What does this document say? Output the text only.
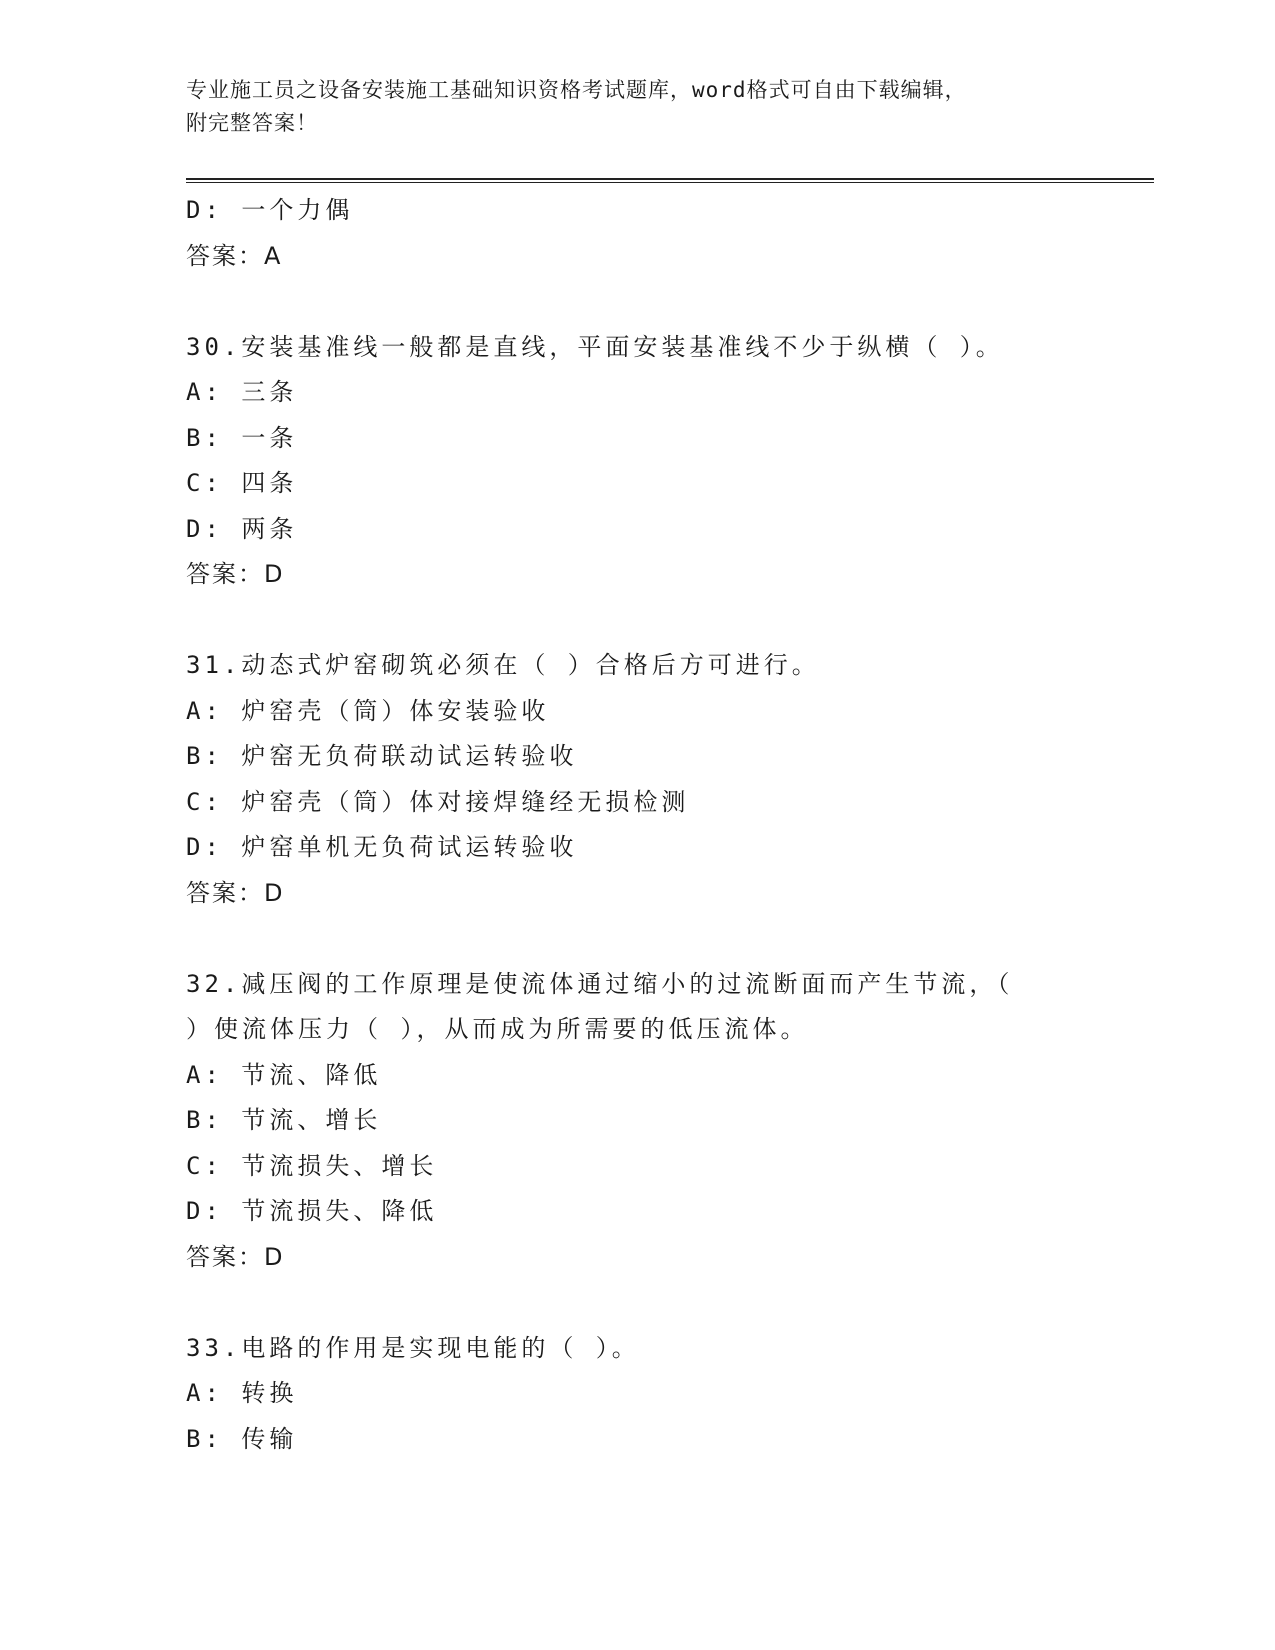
专业施工员之设备安装施工基础知识资格考试题库，word格式可自由下载编辑，
附完整答案！
D: 一个力偶
答案：A
30.安装基准线一般都是直线，平面安装基准线不少于纵横（ ）。
A: 三条
B: 一条
C: 四条
D: 两条
答案：D
31.动态式炉窑砌筑必须在（ ）合格后方可进行。
A: 炉窑壳（筒）体安装验收
B: 炉窑无负荷联动试运转验收
C: 炉窑壳（筒）体对接焊缝经无损检测
D: 炉窑单机无负荷试运转验收
答案：D
32.减压阀的工作原理是使流体通过缩小的过流断面而产生节流，（
）使流体压力（ ），从而成为所需要的低压流体。
A: 节流、降低
B: 节流、增长
C: 节流损失、增长
D: 节流损失、降低
答案：D
33.电路的作用是实现电能的（ ）。
A: 转换
B: 传输
